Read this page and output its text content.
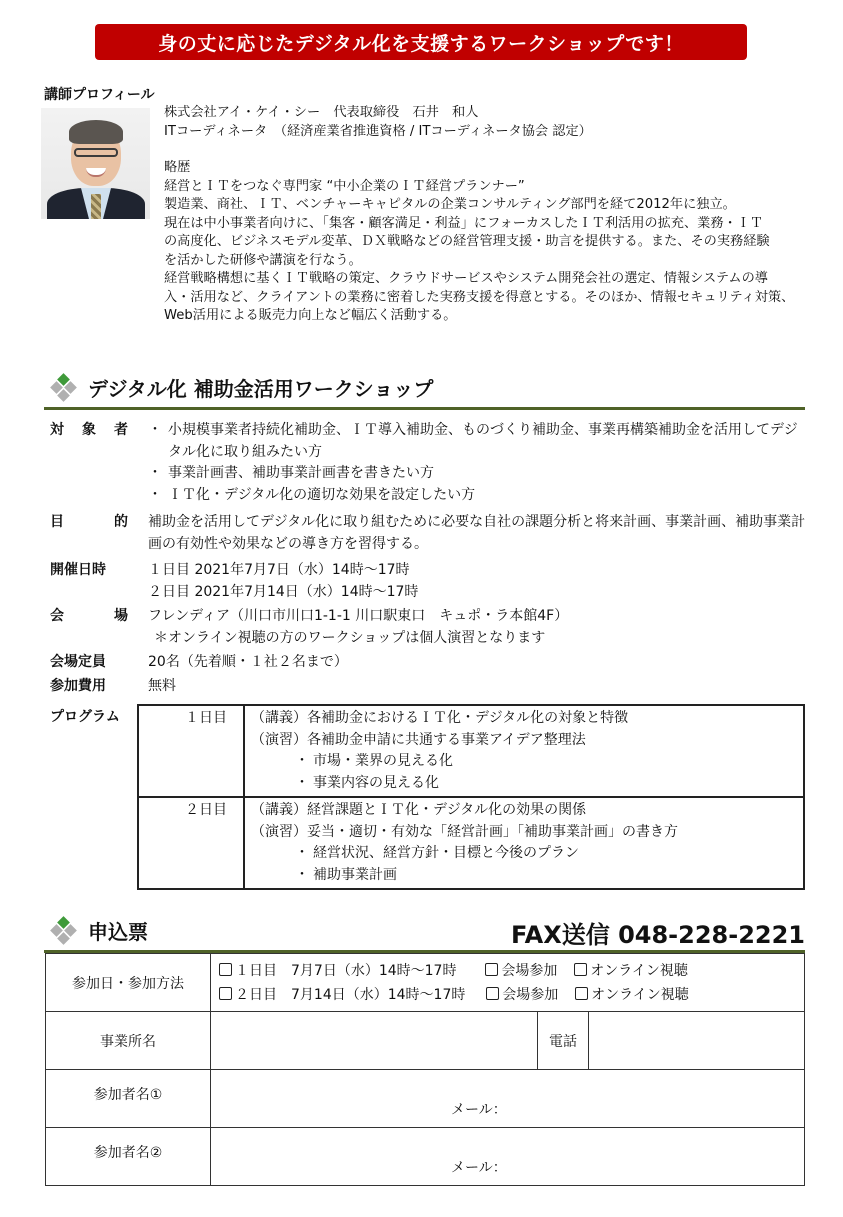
身の丈に応じたデジタル化を支援するワークショップです！
講師プロフィール
株式会社アイ・ケイ・シー　代表取締役　石井　和人
ITコーディネータ　（経済産業省推進資格 / ITコーディネータ協会 認定）
略歴
経営とＩＴをつなぐ専門家 “中小企業のＩＴ経営プランナー”
製造業、商社、ＩＴ、ベンチャーキャピタルの企業コンサルティング部門を経て2012年に独立。
現在は中小事業者向けに、「集客・顧客満足・利益」にフォーカスしたＩＴ利活用の拡充、業務・ＩＴ
の高度化、ビジネスモデル変革、ＤＸ戦略などの経営管理支援・助言を提供する。また、その実務経験
を活かした研修や講演を行なう。
経営戦略構想に基くＩＴ戦略の策定、クラウドサービスやシステム開発会社の選定、情報システムの導
入・活用など、クライアントの業務に密着した実務支援を得意とする。そのほか、情報セキュリティ対策、
Web活用による販売力向上など幅広く活動する。
デジタル化 補助金活用ワークショップ
対 象 者	・ 小規模事業者持続化補助金、ＩＴ導入補助金、ものづくり補助金、事業再構築補助金を活用してデジタル化に取り組みたい方
・ 事業計画書、補助事業計画書を書きたい方
・ ＩＴ化・デジタル化の適切な効果を設定したい方
目	的 補助金を活用してデジタル化に取り組むために必要な自社の課題分析と将来計画、事業計画、補助事業計画の有効性や効果などの導き方を習得する。
開催日時	１日目 2021年7月7日（水）14時～17時
２日目 2021年7月14日（水）14時～17時
会	場 フレンディア（川口市川口1-1-1 川口駅東口　キュポ・ラ本館4F）
＊オンライン視聴の方のワークショップは個人演習となります
会場定員	20名（先着順・１社２名まで）
参加費用	無料
プログラム	１日目	（講義）各補助金におけるＩＴ化・デジタル化の対象と特徴
（演習）各補助金申請に共通する事業アイデア整理法
・ 市場・業界の見える化
・ 事業内容の見える化

２日目	（講義）経営課題とＩＴ化・デジタル化の効果の関係
（演習）妥当・適切・有効な「経営計画」「補助事業計画」の書き方
・ 経営状況、経営方針・目標と今後のプラン
・ 補助事業計画
申込票	FAX送信 048-228-2221
参加日・参加方法	１日目　7月7日（水）14時～17時 会場参加 オンライン視聴
２日目　7月14日（水）14時～17時 会場参加 オンライン視聴		

事業所名		電話	
参加者名①	メール：		
参加者名②	メール：		
